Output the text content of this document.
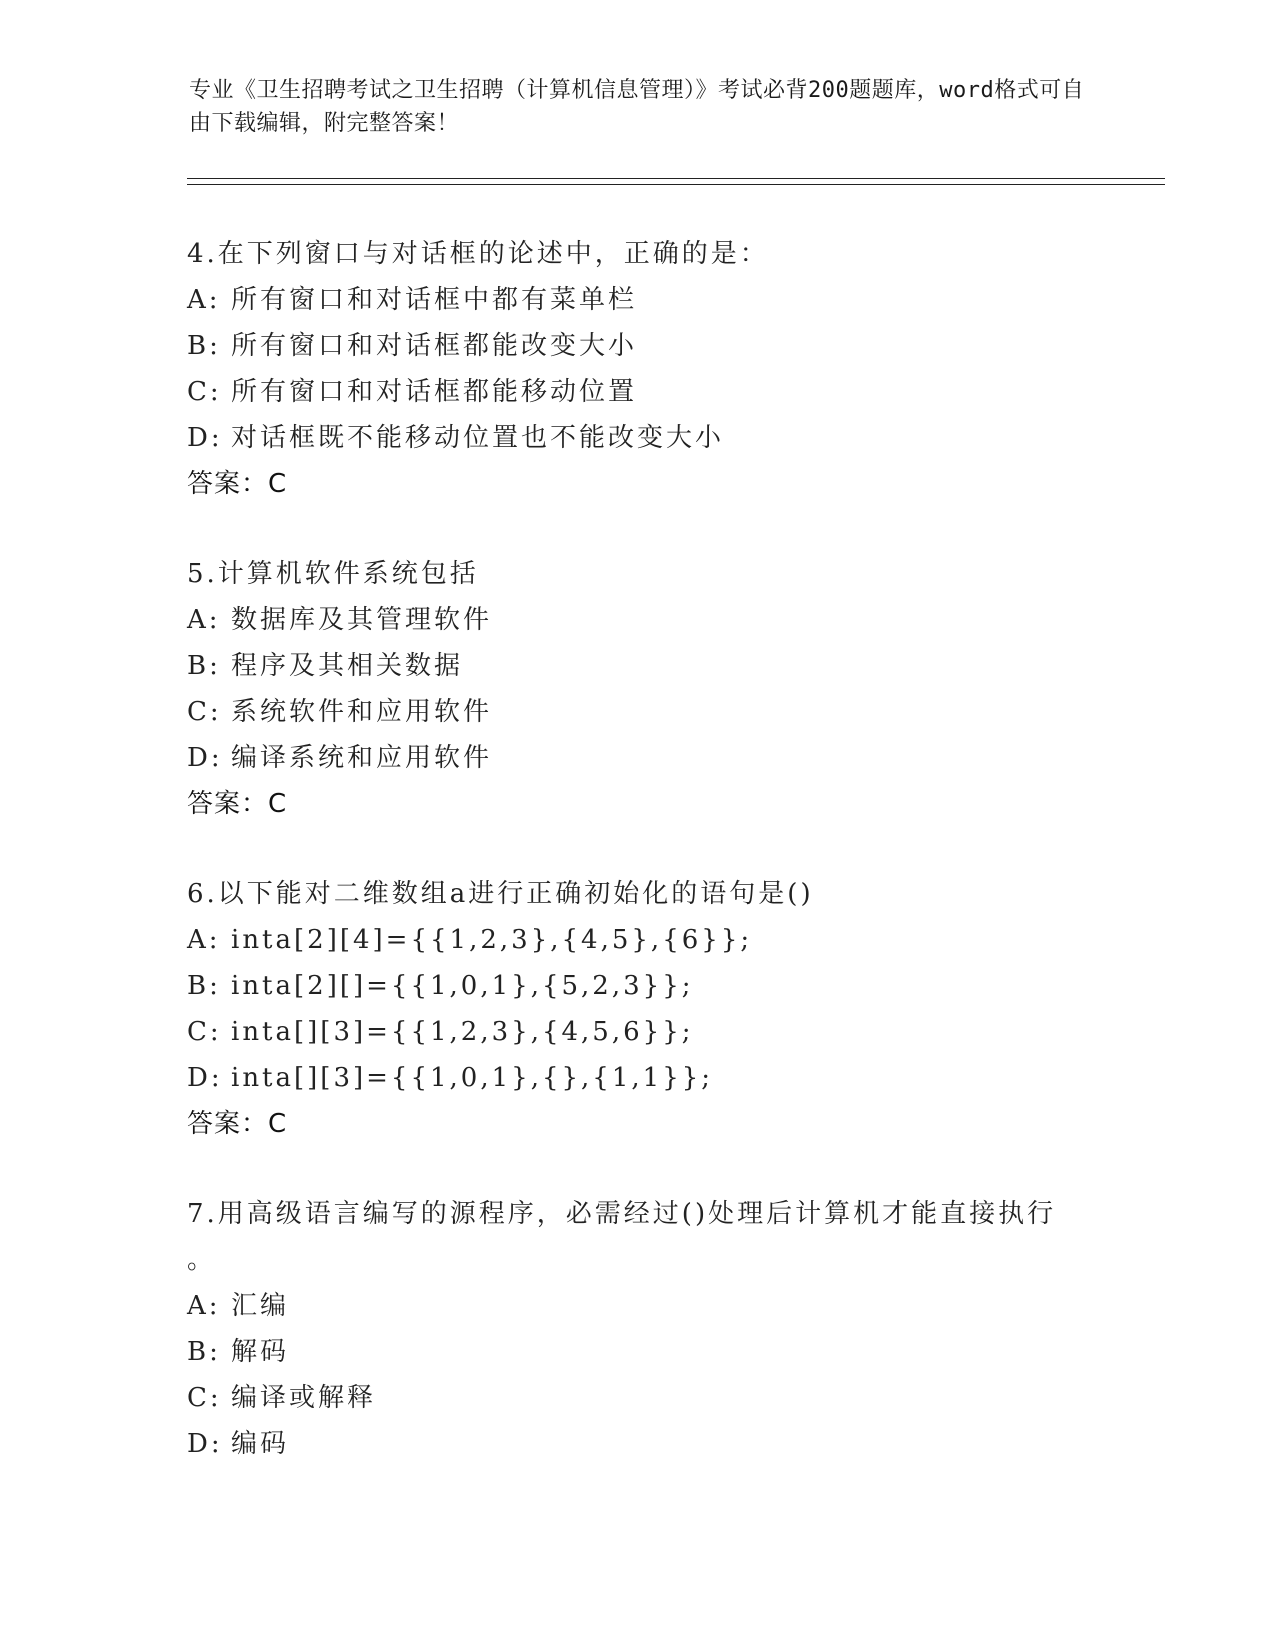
专业《卫生招聘考试之卫生招聘（计算机信息管理）》考试必背200题题库，word格式可自由下载编辑，附完整答案！
4.在下列窗口与对话框的论述中，正确的是：
A: 所有窗口和对话框中都有菜单栏
B: 所有窗口和对话框都能改变大小
C: 所有窗口和对话框都能移动位置
D: 对话框既不能移动位置也不能改变大小
答案：C
5.计算机软件系统包括
A: 数据库及其管理软件
B: 程序及其相关数据
C: 系统软件和应用软件
D: 编译系统和应用软件
答案：C
6.以下能对二维数组a进行正确初始化的语句是()
A: inta[2][4]={{1,2,3},{4,5},{6}};
B: inta[2][]={{1,0,1},{5,2,3}};
C: inta[][3]={{1,2,3},{4,5,6}};
D: inta[][3]={{1,0,1},{},{1,1}};
答案：C
7.用高级语言编写的源程序，必需经过()处理后计算机才能直接执行
。
A: 汇编
B: 解码
C: 编译或解释
D: 编码
